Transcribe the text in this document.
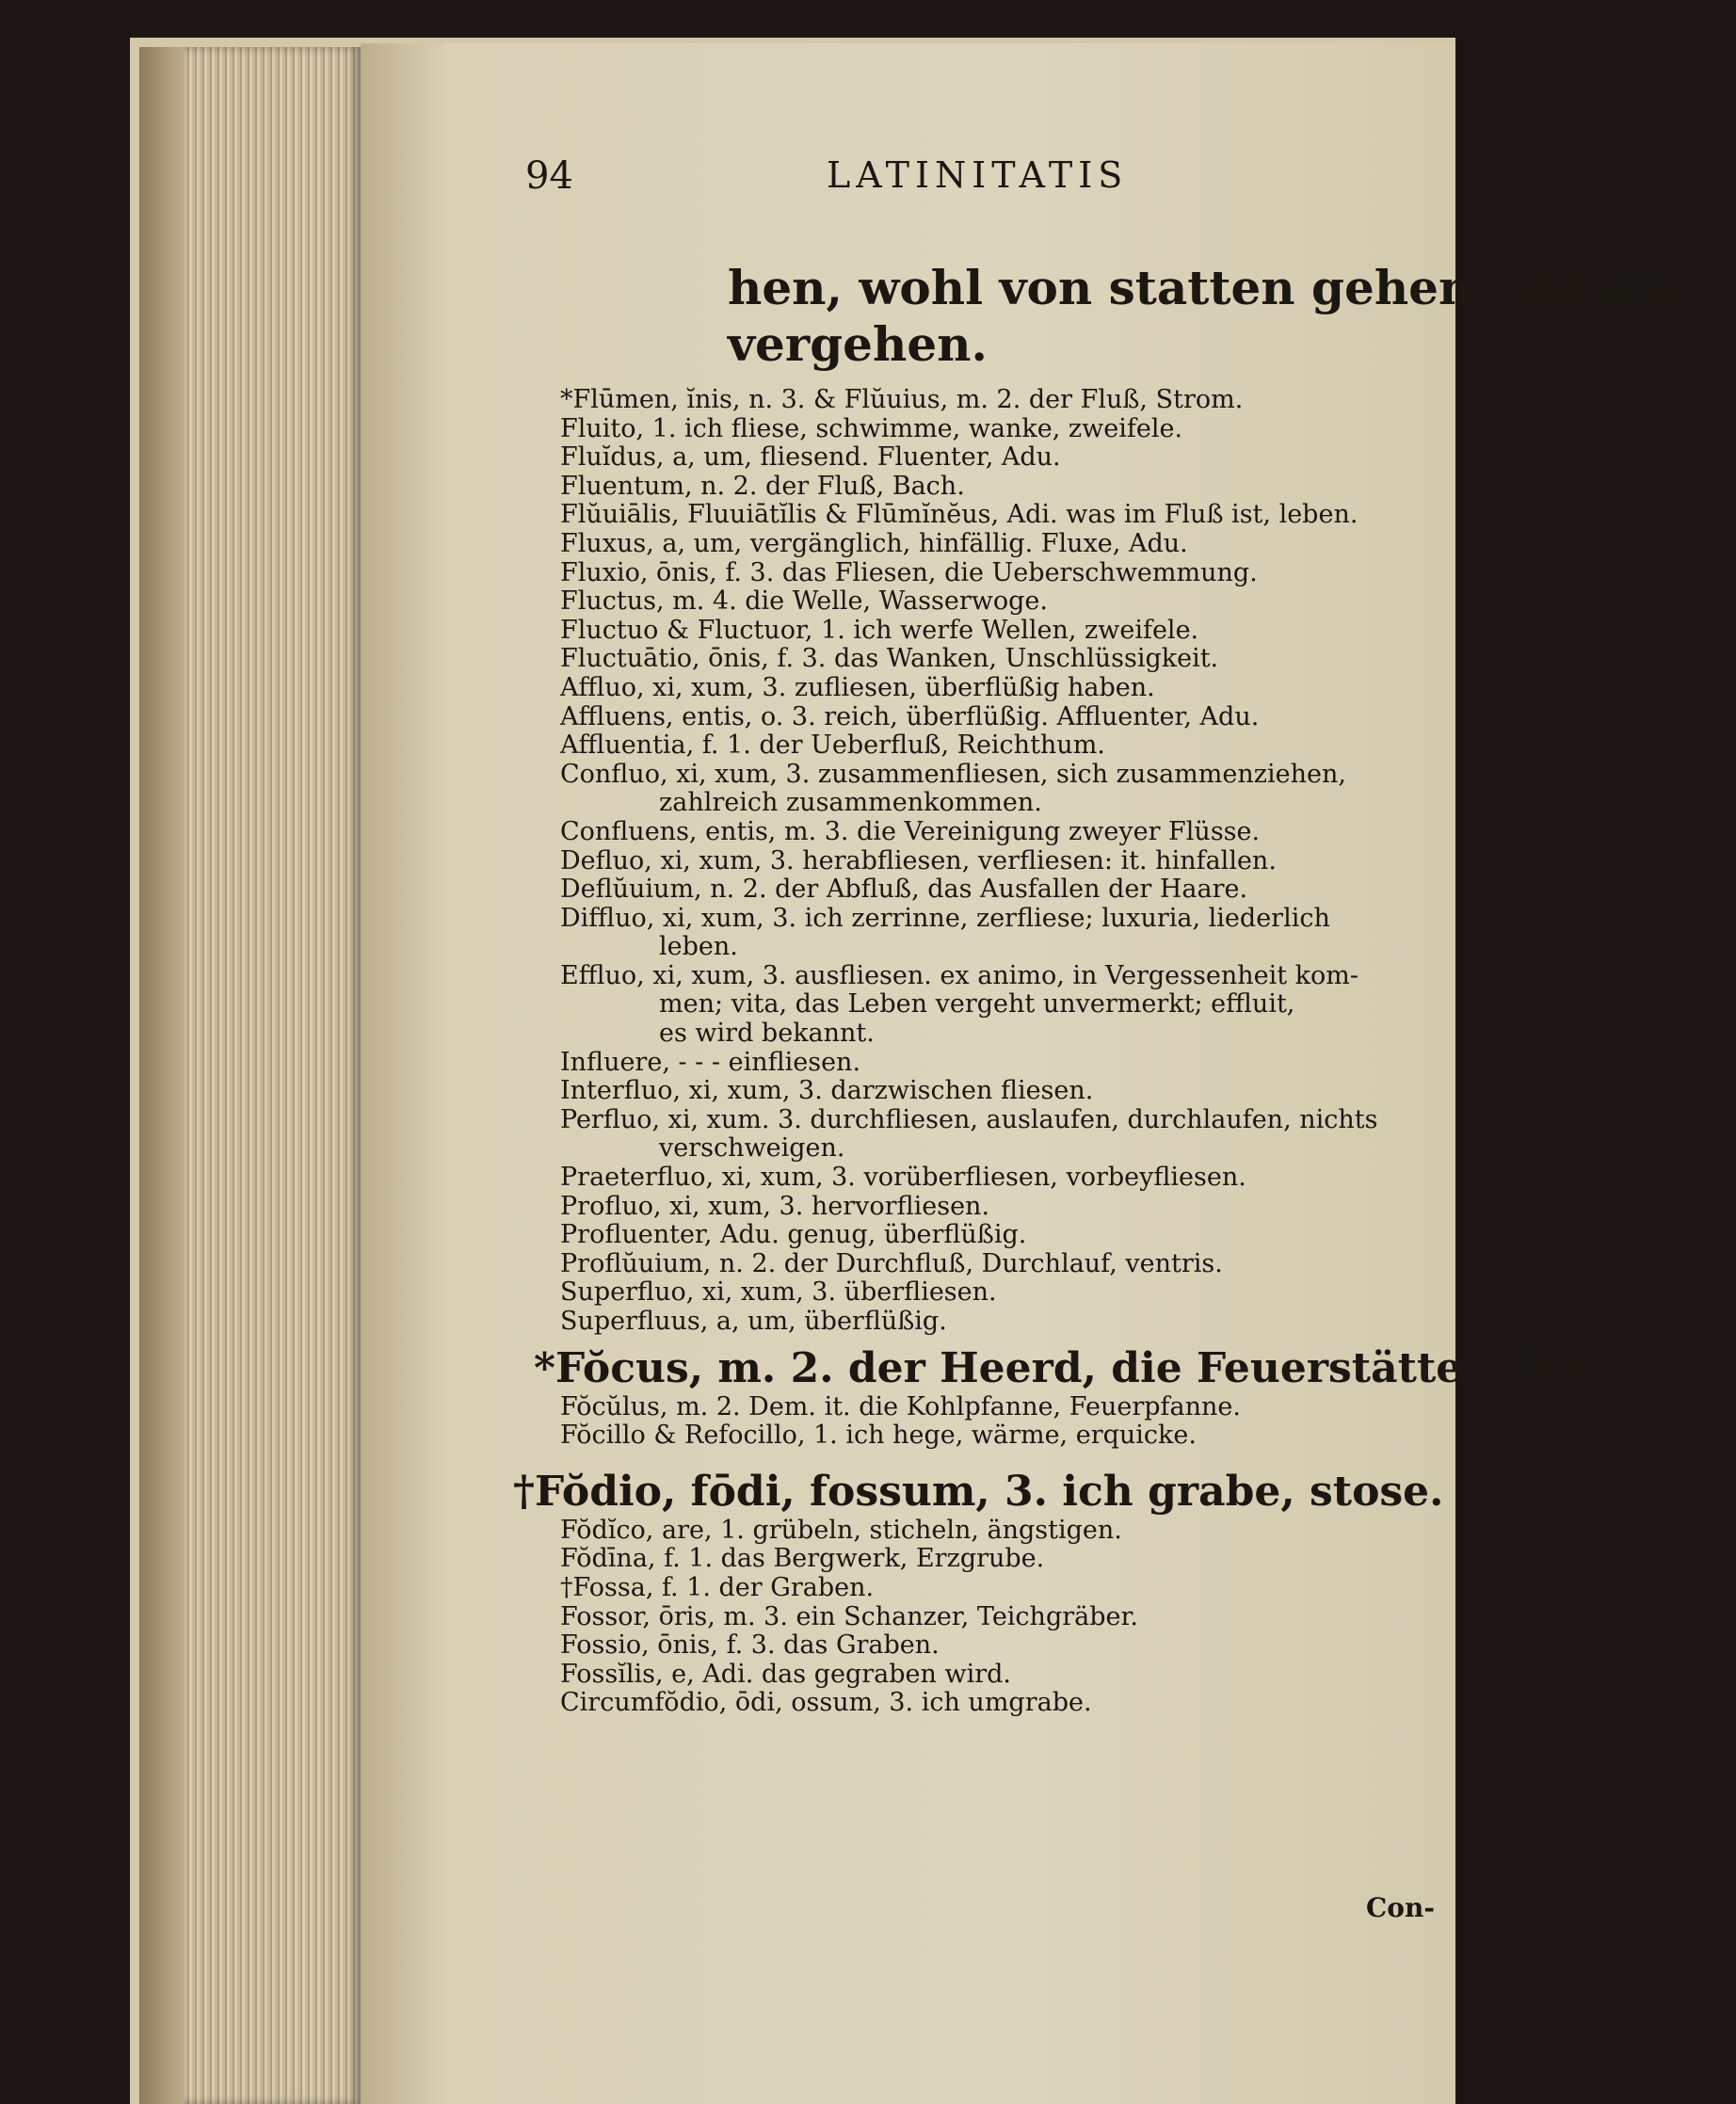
94	LATINITATIS
hen, wohl von statten gehen, abfallen,
vergehen.
*Flūmen, ĭnis, n. 3. & Flŭuius, m. 2. der Fluß, Strom.
Fluito, 1. ich fliese, schwimme, wanke, zweifele.
Fluĭdus, a, um, fliesend. Fluenter, Adu.
Fluentum, n. 2. der Fluß, Bach.
Flŭuiālis, Fluuiātĭlis & Flūmĭnĕus, Adi. was im Fluß ist, leben.
Fluxus, a, um, vergänglich, hinfällig. Fluxe, Adu.
Fluxio, ōnis, f. 3. das Fliesen, die Ueberschwemmung.
Fluctus, m. 4. die Welle, Wasserwoge.
Fluctuo & Fluctuor, 1. ich werfe Wellen, zweifele.
Fluctuātio, ōnis, f. 3. das Wanken, Unschlüssigkeit.
Affluo, xi, xum, 3. zufliesen, überflüßig haben.
Affluens, entis, o. 3. reich, überflüßig. Affluenter, Adu.
Affluentia, f. 1. der Ueberfluß, Reichthum.
Confluo, xi, xum, 3. zusammenfliesen, sich zusammenziehen,
zahlreich zusammenkommen.
Confluens, entis, m. 3. die Vereinigung zweyer Flüsse.
Defluo, xi, xum, 3. herabfliesen, verfliesen: it. hinfallen.
Deflŭuium, n. 2. der Abfluß, das Ausfallen der Haare.
Diffluo, xi, xum, 3. ich zerrinne, zerfliese; luxuria, liederlich
leben.
Effluo, xi, xum, 3. ausfliesen. ex animo, in Vergessenheit kom-
men; vita, das Leben vergeht unvermerkt; effluit,
es wird bekannt.
Influere, - - - einfliesen.
Interfluo, xi, xum, 3. darzwischen fliesen.
Perfluo, xi, xum. 3. durchfliesen, auslaufen, durchlaufen, nichts
verschweigen.
Praeterfluo, xi, xum, 3. vorüberfliesen, vorbeyfliesen.
Profluo, xi, xum, 3. hervorfliesen.
Profluenter, Adu. genug, überflüßig.
Proflŭuium, n. 2. der Durchfluß, Durchlauf, ventris.
Superfluo, xi, xum, 3. überfliesen.
Superfluus, a, um, überflüßig.
*Fŏcus, m. 2. der Heerd, die Feuerstätte, Haus.
Fŏcŭlus, m. 2. Dem. it. die Kohlpfanne, Feuerpfanne.
Fŏcillo & Refocillo, 1. ich hege, wärme, erquicke.
†Fŏdio, fōdi, fossum, 3. ich grabe, stose.
Fŏdĭco, are, 1. grübeln, sticheln, ängstigen.
Fŏdīna, f. 1. das Bergwerk, Erzgrube.
†Fossa, f. 1. der Graben.
Fossor, ōris, m. 3. ein Schanzer, Teichgräber.
Fossio, ōnis, f. 3. das Graben.
Fossĭlis, e, Adi. das gegraben wird.
Circumfŏdio, ōdi, ossum, 3. ich umgrabe.
Con-
